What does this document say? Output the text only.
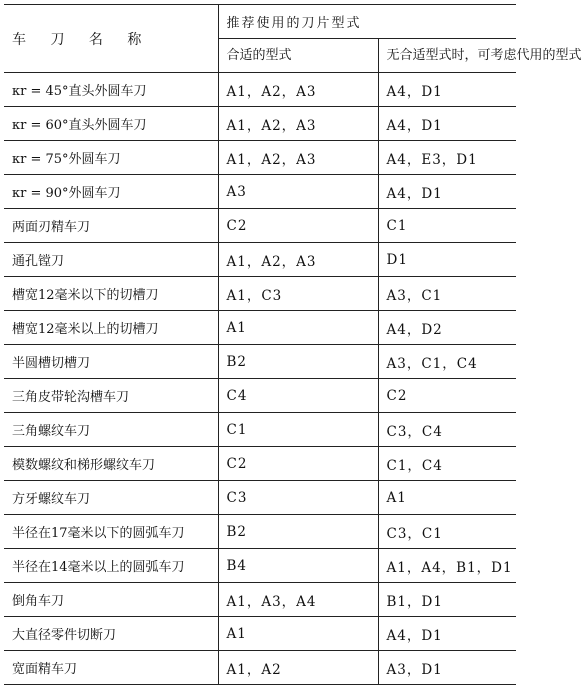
车 刀 名 称	推荐使用的刀片型式	
	合适的型式	无合适型式时，可考虑代用的型式
κr = 45°直头外圆车刀	A1，A2，A3	A4，D1
κr = 60°直头外圆车刀	A1，A2，A3	A4，D1
κr = 75°外圆车刀	A1，A2，A3	A4，E3，D1
κr = 90°外圆车刀	A3	A4，D1
两面刃精车刀	C2	C1
通孔镗刀	A1，A2，A3	D1
槽宽12毫米以下的切槽刀	A1，C3	A3，C1
槽宽12毫米以上的切槽刀	A1	A4，D2
半圆槽切槽刀	B2	A3，C1，C4
三角皮带轮沟槽车刀	C4	C2
三角螺纹车刀	C1	C3，C4
模数螺纹和梯形螺纹车刀	C2	C1，C4
方牙螺纹车刀	C3	A1
半径在17毫米以下的圆弧车刀	B2	C3，C1
半径在14毫米以上的圆弧车刀	B4	A1，A4，B1，D1
倒角车刀	A1，A3，A4	B1，D1
大直径零件切断刀	A1	A4，D1
宽面精车刀	A1，A2	A3，D1
